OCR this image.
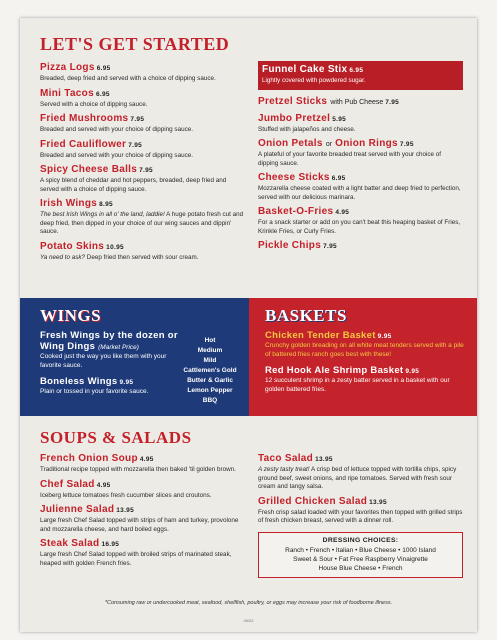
LET'S GET STARTED
Pizza Logs 6.95
Breaded, deep fried and served with a choice of dipping sauce.
Mini Tacos 6.95
Served with a choice of dipping sauce.
Fried Mushrooms 7.95
Breaded and served with your choice of dipping sauce.
Fried Cauliflower 7.95
Breaded and served with your choice of dipping sauce.
Spicy Cheese Balls 7.95
A spicy blend of cheddar and hot peppers, breaded, deep fried and served with a choice of dipping sauce.
Irish Wings 8.95
The best Irish Wings in all o' the land, laddie! A huge potato fresh cut and deep fried, then dipped in your choice of our wing sauces and dippin' sauce.
Potato Skins 10.95
Ya need to ask? Deep fried then served with sour cream.
Funnel Cake Stix 6.95
Lightly covered with powdered sugar.
Pretzel Sticks with Pub Cheese 7.95
Jumbo Pretzel 5.95
Stuffed with jalapeños and cheese.
Onion Petals or Onion Rings 7.95
A plateful of your favorite breaded treat served with your choice of dipping sauce.
Cheese Sticks 6.95
Mozzarella cheese coated with a light batter and deep fried to perfection, served with our delicious marinara.
Basket-O-Fries 4.95
For a snack starter or add on you can't beat this heaping basket of Fries, Krinkle Fries, or Curly Fries.
Pickle Chips 7.95
WINGS
Fresh Wings by the dozen or Wing Dings (Market Price)
Cooked just the way you like them with your favorite sauce.
Boneless Wings 9.95
Plain or tossed in your favorite sauce.
Hot
Medium
Mild
Cattlemen's Gold
Butter & Garlic
Lemon Pepper
BBQ
BASKETS
Chicken Tender Basket 9.95
Crunchy golden breading on all white meat tenders served with a pile of battered fries ranch goes best with these!
Red Hook Ale Shrimp Basket 9.95
12 succulent shrimp in a zesty batter served in a basket with our golden battered fries.
SOUPS & SALADS
French Onion Soup 4.95
Traditional recipe topped with mozzarella then baked 'til golden brown.
Chef Salad 4.95
Iceberg lettuce tomatoes fresh cucumber slices and croutons.
Julienne Salad 13.95
Large fresh Chef Salad topped with strips of ham and turkey, provolone and mozzarella cheese, and hard boiled eggs.
Steak Salad 16.95
Large fresh Chef Salad topped with broiled strips of marinated steak, heaped with golden French fries.
Taco Salad 13.95
A zesty tasty treat! A crisp bed of lettuce topped with tortilla chips, spicy ground beef, sweet onions, and ripe tomatoes. Served with fresh sour cream and tangy salsa.
Grilled Chicken Salad 13.95
Fresh crisp salad loaded with your favorites then topped with grilled strips of fresh chicken breast, served with a dinner roll.
DRESSING CHOICES:
Ranch • French • Italian • Blue Cheese • 1000 Island
Sweet & Sour • Fat Free Raspberry Vinaigrette
House Blue Cheese • French
*Consuming raw or undercooked meat, seafood, shellfish, poultry, or eggs may increase your risk of foodborne illness.
06/22
